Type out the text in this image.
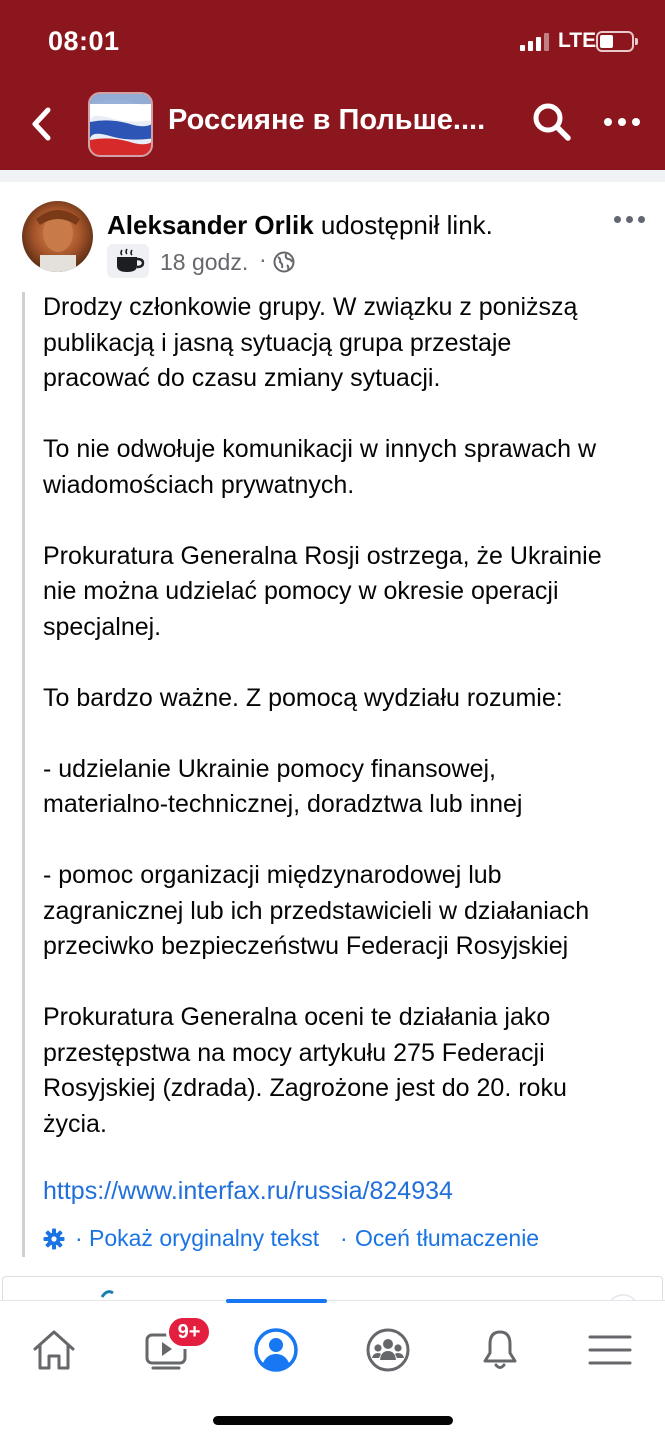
08:01	LTE
Россияне в Польше....
Aleksander Orlik udostępnił link.
18 godz. ·

Drodzy członkowie grupy. W związku z poniższą
publikacją i jasną sytuacją grupa przestaje
pracować do czasu zmiany sytuacji.

To nie odwołuje komunikacji w innych sprawach w
wiadomościach prywatnych.

Prokuratura Generalna Rosji ostrzega, że Ukrainie
nie można udzielać pomocy w okresie operacji
specjalnej.

To bardzo ważne. Z pomocą wydziału rozumie:

- udzielanie Ukrainie pomocy finansowej,
materialno-technicznej, doradztwa lub innej

- pomoc organizacji międzynarodowej lub
zagranicznej lub ich przedstawicieli w działaniach
przeciwko bezpieczeństwu Federacji Rosyjskiej

Prokuratura Generalna oceni te działania jako
przestępstwa na mocy artykułu 275 Federacji
Rosyjskiej (zdrada). Zagrożone jest do 20. roku
życia.

https://www.interfax.ru/russia/824934
· Pokaż oryginalny tekst · Oceń tłumaczenie
9+
